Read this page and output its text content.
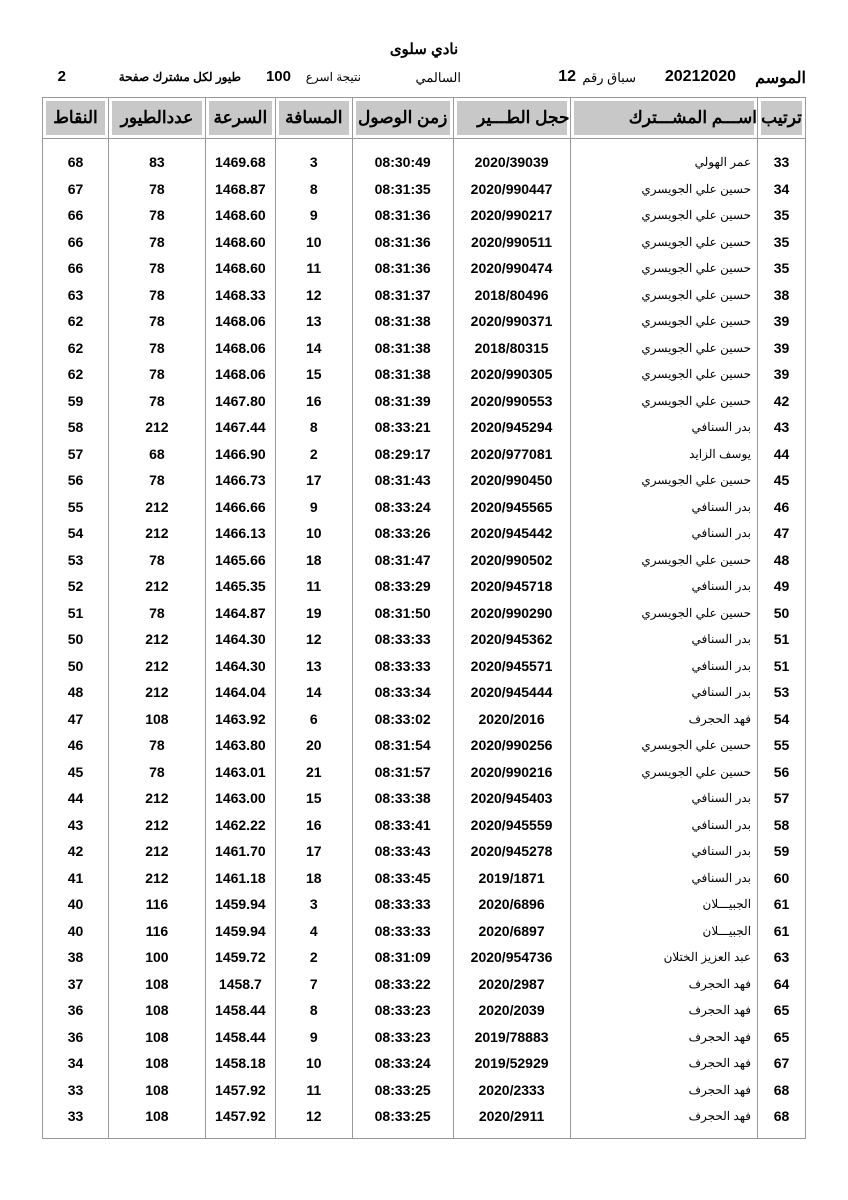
نادي سلوى
الموسم
20212020
سباق رقم
12
السالمي
نتيجة اسرع
100
طيور لكل مشترك صفحة
2
ترتيب	اســـم المشـــترك	حجل الطـــير	زمن الوصول	المسافة	السرعة	عددالطيور	النقاط
33	عمر الهولي	2020/39039	08:30:49	3	1469.68	83	68
34	حسين علي الجويسري	2020/990447	08:31:35	8	1468.87	78	67
35	حسين علي الجويسري	2020/990217	08:31:36	9	1468.60	78	66
35	حسين علي الجويسري	2020/990511	08:31:36	10	1468.60	78	66
35	حسين علي الجويسري	2020/990474	08:31:36	11	1468.60	78	66
38	حسين علي الجويسري	2018/80496	08:31:37	12	1468.33	78	63
39	حسين علي الجويسري	2020/990371	08:31:38	13	1468.06	78	62
39	حسين علي الجويسري	2018/80315	08:31:38	14	1468.06	78	62
39	حسين علي الجويسري	2020/990305	08:31:38	15	1468.06	78	62
42	حسين علي الجويسري	2020/990553	08:31:39	16	1467.80	78	59
43	بدر السنافي	2020/945294	08:33:21	8	1467.44	212	58
44	يوسف الزايد	2020/977081	08:29:17	2	1466.90	68	57
45	حسين علي الجويسري	2020/990450	08:31:43	17	1466.73	78	56
46	بدر السنافي	2020/945565	08:33:24	9	1466.66	212	55
47	بدر السنافي	2020/945442	08:33:26	10	1466.13	212	54
48	حسين علي الجويسري	2020/990502	08:31:47	18	1465.66	78	53
49	بدر السنافي	2020/945718	08:33:29	11	1465.35	212	52
50	حسين علي الجويسري	2020/990290	08:31:50	19	1464.87	78	51
51	بدر السنافي	2020/945362	08:33:33	12	1464.30	212	50
51	بدر السنافي	2020/945571	08:33:33	13	1464.30	212	50
53	بدر السنافي	2020/945444	08:33:34	14	1464.04	212	48
54	فهد الحجرف	2020/2016	08:33:02	6	1463.92	108	47
55	حسين علي الجويسري	2020/990256	08:31:54	20	1463.80	78	46
56	حسين علي الجويسري	2020/990216	08:31:57	21	1463.01	78	45
57	بدر السنافي	2020/945403	08:33:38	15	1463.00	212	44
58	بدر السنافي	2020/945559	08:33:41	16	1462.22	212	43
59	بدر السنافي	2020/945278	08:33:43	17	1461.70	212	42
60	بدر السنافي	2019/1871	08:33:45	18	1461.18	212	41
61	الجبيـــلان	2020/6896	08:33:33	3	1459.94	116	40
61	الجبيـــلان	2020/6897	08:33:33	4	1459.94	116	40
63	عبد العزيز الختلان	2020/954736	08:31:09	2	1459.72	100	38
64	فهد الحجرف	2020/2987	08:33:22	7	1458.7	108	37
65	فهد الحجرف	2020/2039	08:33:23	8	1458.44	108	36
65	فهد الحجرف	2019/78883	08:33:23	9	1458.44	108	36
67	فهد الحجرف	2019/52929	08:33:24	10	1458.18	108	34
68	فهد الحجرف	2020/2333	08:33:25	11	1457.92	108	33
68	فهد الحجرف	2020/2911	08:33:25	12	1457.92	108	33
